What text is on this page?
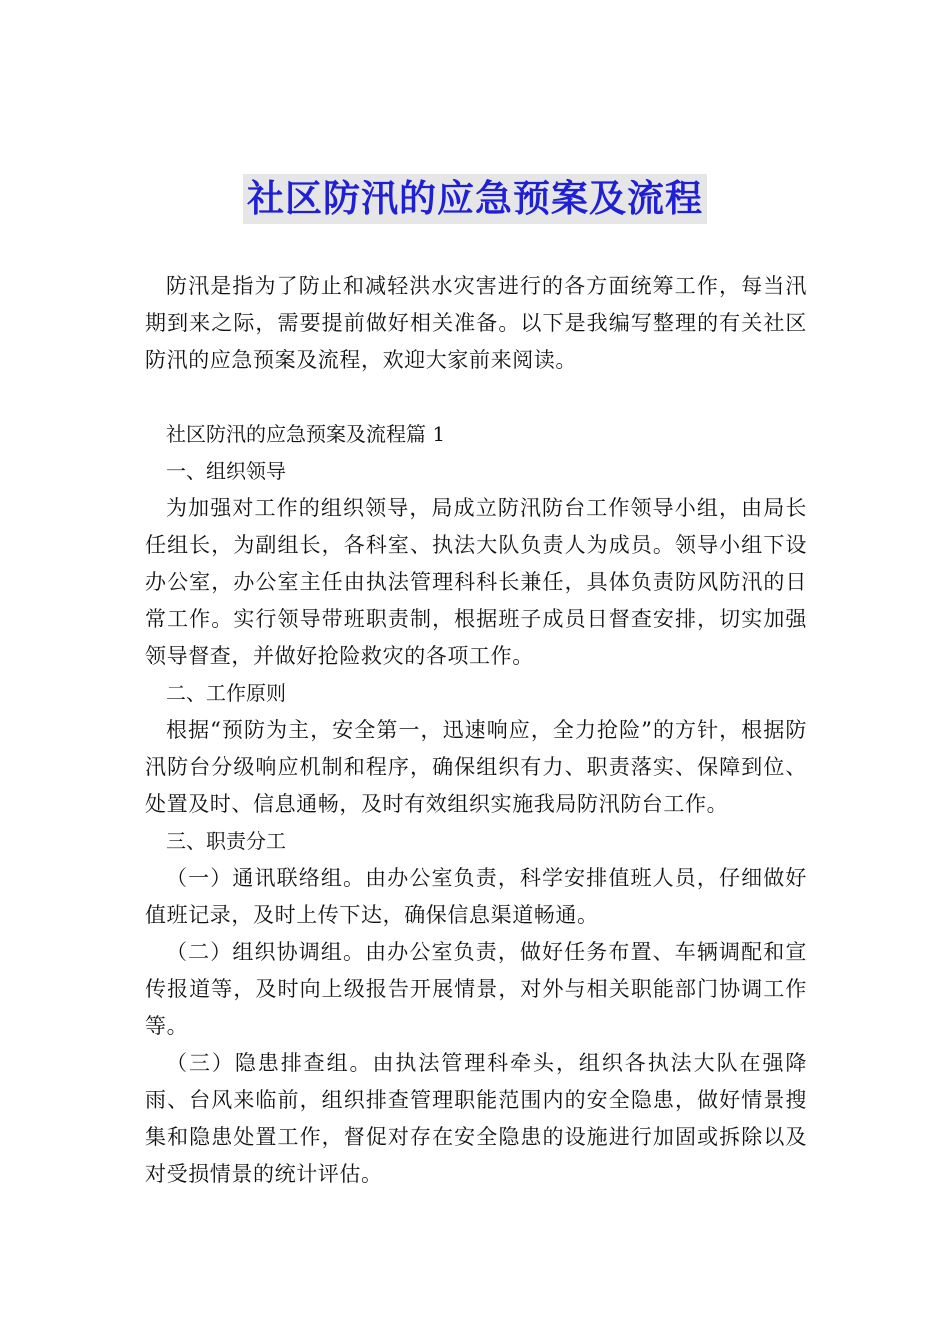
社区防汛的应急预案及流程

防汛是指为了防止和减轻洪水灾害进行的各方面统筹工作，每当汛期到来之际，需要提前做好相关准备。以下是我编写整理的有关社区防汛的应急预案及流程，欢迎大家前来阅读。

社区防汛的应急预案及流程篇 1

一、组织领导

为加强对工作的组织领导，局成立防汛防台工作领导小组，由局长任组长，为副组长，各科室、执法大队负责人为成员。领导小组下设办公室，办公室主任由执法管理科科长兼任，具体负责防风防汛的日常工作。实行领导带班职责制，根据班子成员日督查安排，切实加强领导督查，并做好抢险救灾的各项工作。

二、工作原则

根据“预防为主，安全第一，迅速响应，全力抢险”的方针，根据防汛防台分级响应机制和程序，确保组织有力、职责落实、保障到位、处置及时、信息通畅，及时有效组织实施我局防汛防台工作。

三、职责分工

（一）通讯联络组。由办公室负责，科学安排值班人员，仔细做好值班记录，及时上传下达，确保信息渠道畅通。

（二）组织协调组。由办公室负责，做好任务布置、车辆调配和宣传报道等，及时向上级报告开展情景，对外与相关职能部门协调工作等。

（三）隐患排查组。由执法管理科牵头，组织各执法大队在强降雨、台风来临前，组织排查管理职能范围内的安全隐患，做好情景搜集和隐患处置工作，督促对存在安全隐患的设施进行加固或拆除以及对受损情景的统计评估。
